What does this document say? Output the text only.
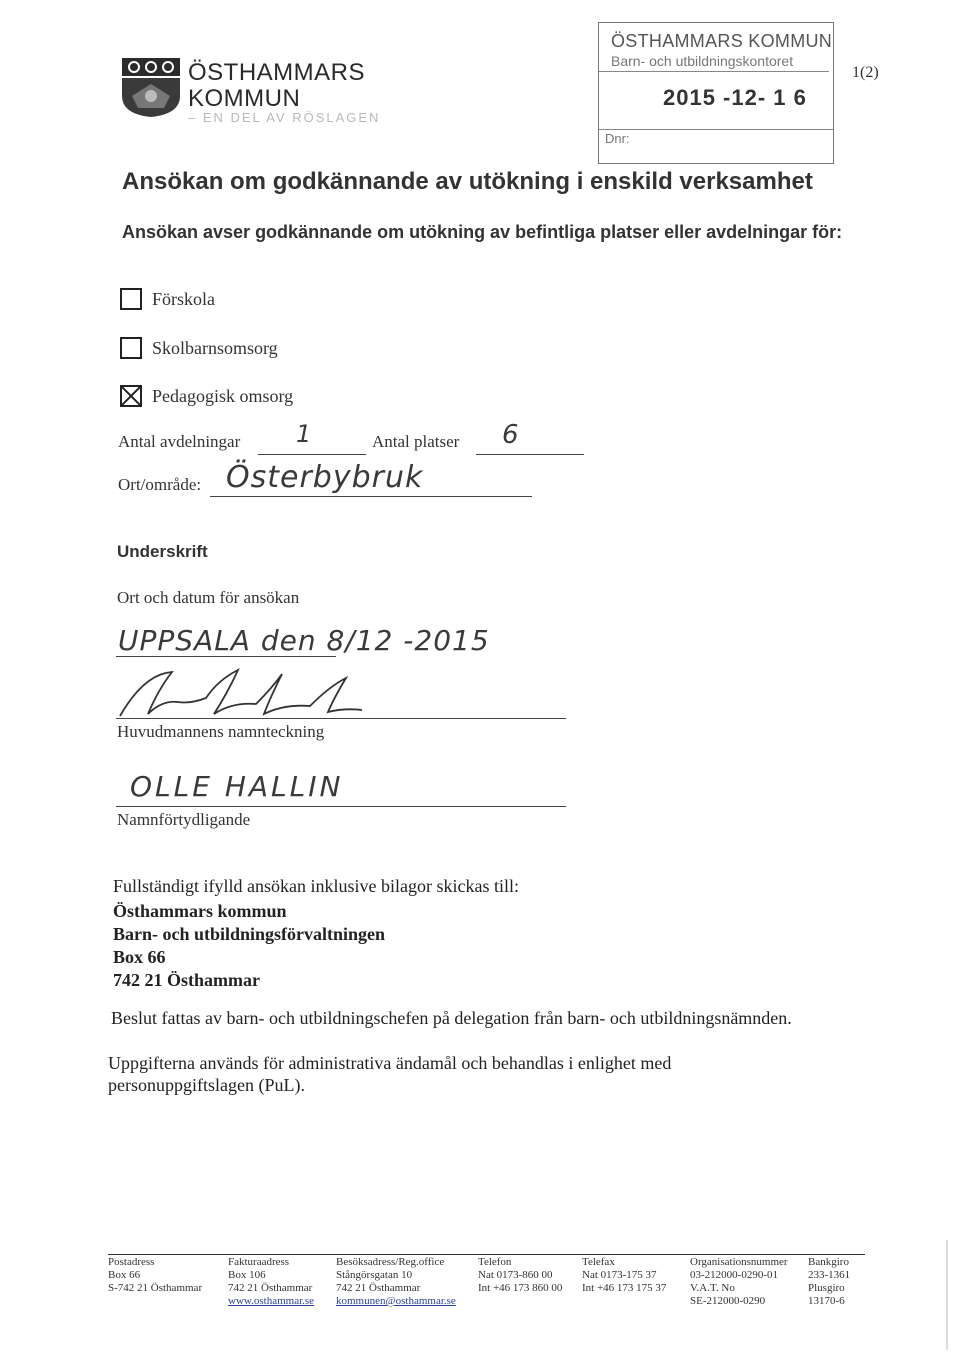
ÖSTHAMMARS
KOMMUN
– EN DEL AV RÖSLAGEN
ÖSTHAMMARS KOMMUN
Barn- och utbildningskontoret
2015 -12- 1 6
Dnr:
1(2)
Ansökan om godkännande av utökning i enskild verksamhet
Ansökan avser godkännande om utökning av befintliga platser eller avdelningar för:
Förskola
Skolbarnsomsorg
Pedagogisk omsorg
Antal avdelningar 1	Antal platser 6
Ort/område: Österbybruk
Underskrift
Ort och datum för ansökan
UPPSALA den 8/12 -2015
Huvudmannens namnteckning
OLLE HALLIN
Namnförtydligande
Fullständigt ifylld ansökan inklusive bilagor skickas till:
Östhammars kommun
Barn- och utbildningsförvaltningen
Box 66
742 21 Östhammar
Beslut fattas av barn- och utbildningschefen på delegation från barn- och utbildningsnämnden.
Uppgifterna används för administrativa ändamål och behandlas i enlighet med personuppgiftslagen (PuL).
Postadress
Box 66
S-742 21 Östhammar
Fakturaadress
Box 106
742 21 Östhammar
www.osthammar.se
Besöksadress/Reg.office
Stångörsgatan 10
742 21 Östhammar
kommunen@osthammar.se
Telefon
Nat 0173-860 00
Int +46 173 860 00
Telefax
Nat 0173-175 37
Int +46 173 175 37
Organisationsnummer
03-212000-0290-01
V.A.T. No
SE-212000-0290
Bankgiro
233-1361
Plusgiro
13170-6
